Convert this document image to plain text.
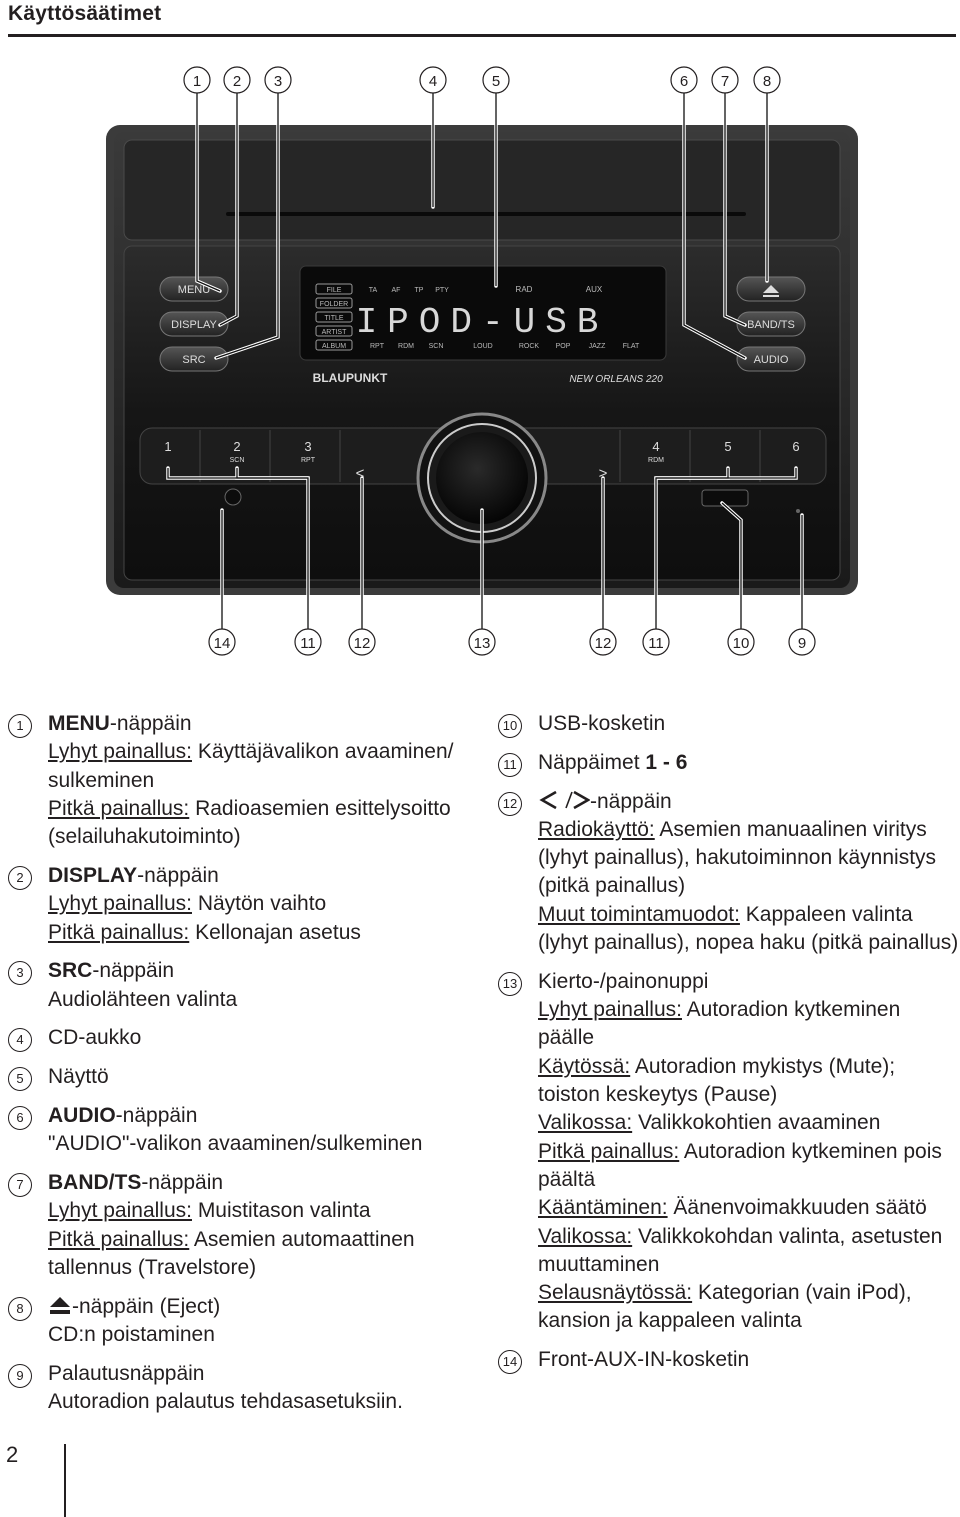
Käyttösäätimet
MENU
DISPLAY
SRC
BAND/TS
AUDIO
FILE
FOLDER
TITLE
ARTIST
ALBUM
TA AF TP PTY	RAD	AUX
RPT RDM SCN	LOUD	ROCK POP	JAZZ FLAT
IPOD-USB
BLAUPUNKT	NEW ORLEANS 220
1	2
SCN
3
RPT
<	>
4
RDM
5	6
1 2 3	4	5	6 7 8
14	11	12	13	12 11	10	9
1	MENU-näppäin
Lyhyt painallus: Käyttäjävalikon avaaminen/
sulkeminen
Pitkä painallus: Radioasemien esittelysoitto
(selailuhakutoiminto)
2	DISPLAY-näppäin
Lyhyt painallus: Näytön vaihto
Pitkä painallus: Kellonajan asetus
3	SRC-näppäin
Audiolähteen valinta
4	CD-aukko
5	Näyttö
6	AUDIO-näppäin
"AUDIO"-valikon avaaminen/sulkeminen
7	BAND/TS-näppäin
Lyhyt painallus: Muistitason valinta
Pitkä painallus: Asemien automaattinen
tallennus (Travelstore)
8	-näppäin (Eject)
CD:n poistaminen
9	Palautusnäppäin
Autoradion palautus tehdasasetuksiin.
10 USB-kosketin
11 Näppäimet 1 - 6
12	-näppäin
Radiokäyttö: Asemien manuaalinen viritys
(lyhyt painallus), hakutoiminnon käynnistys
(pitkä painallus)
Muut toimintamuodot: Kappaleen valinta
(lyhyt painallus), nopea haku (pitkä painallus)
13 Kierto-/painonuppi
Lyhyt painallus: Autoradion kytkeminen
päälle
Käytössä: Autoradion mykistys (Mute);
toiston keskeytys (Pause)
Valikossa: Valikkokohtien avaaminen
Pitkä painallus: Autoradion kytkeminen pois
päältä
Kääntäminen: Äänenvoimakkuuden säätö
Valikossa: Valikkokohdan valinta, asetusten
muuttaminen
Selausnäytössä: Kategorian (vain iPod),
kansion ja kappaleen valinta
14 Front-AUX-IN-kosketin
2
